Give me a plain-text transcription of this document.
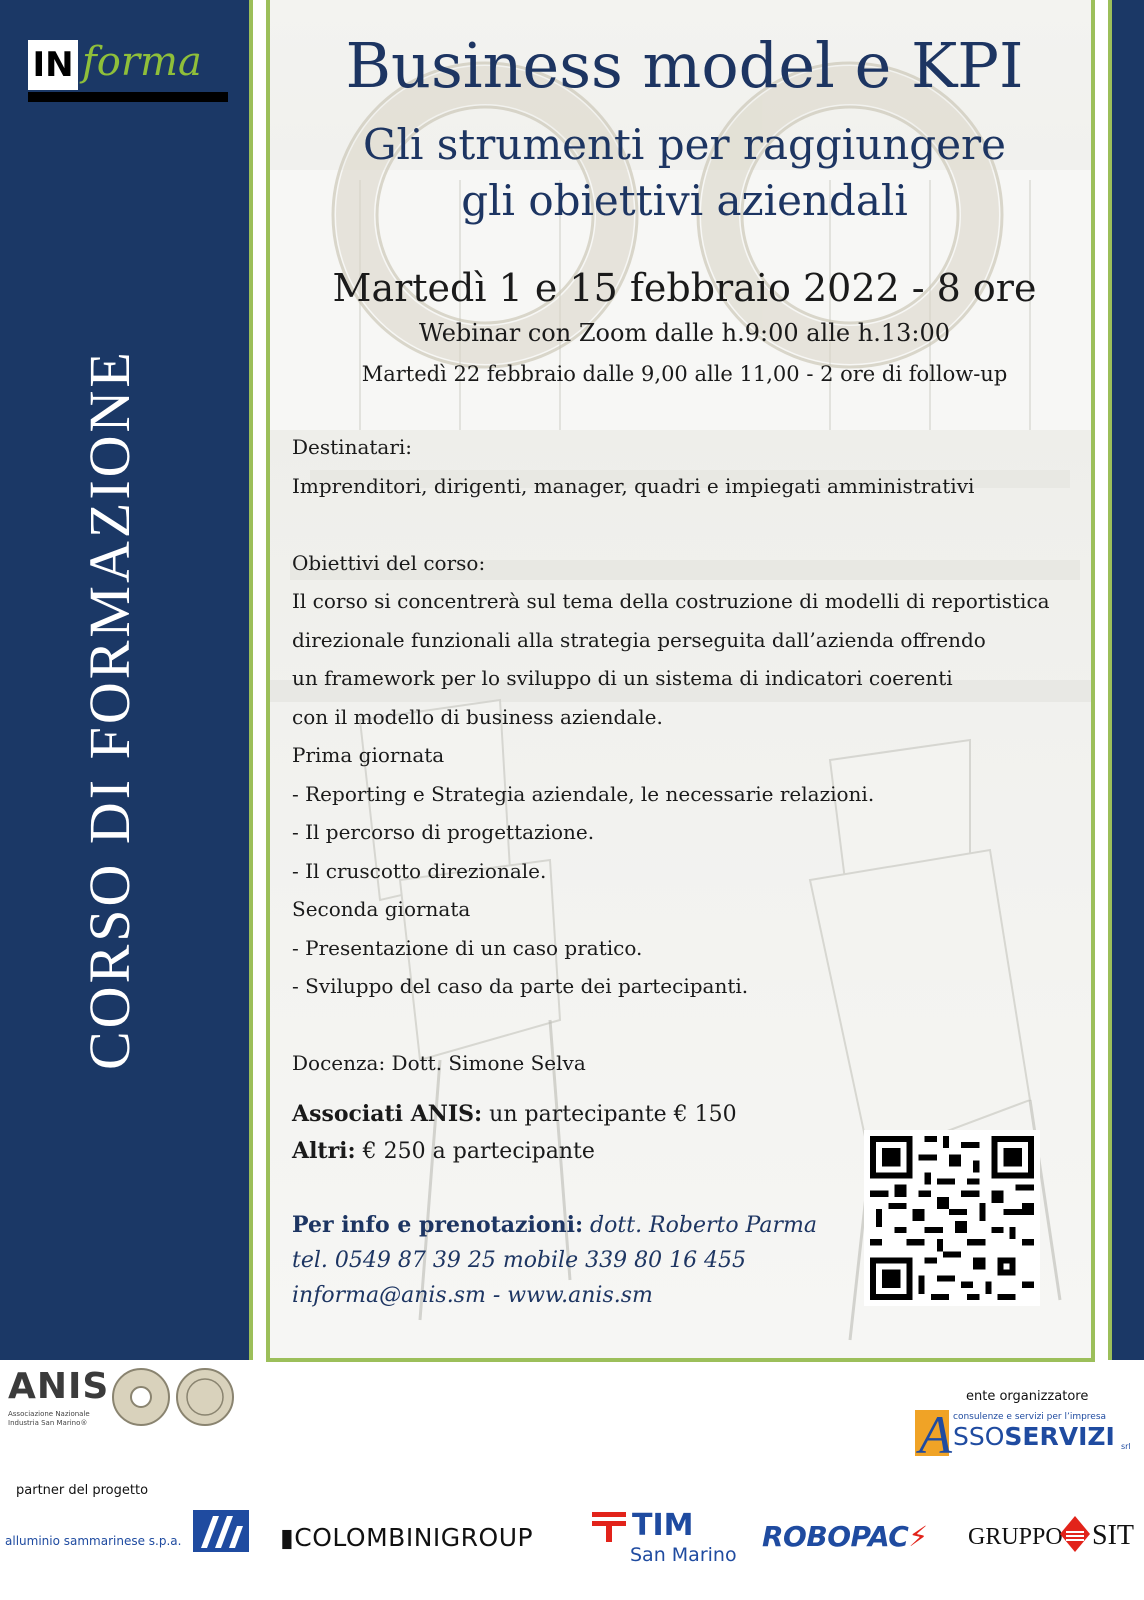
IN forma
CORSO DI FORMAZIONE
Business model e KPI
Gli strumenti per raggiungere
gli obiettivi aziendali
Martedì 1 e 15 febbraio 2022 - 8 ore
Webinar con Zoom dalle h.9:00 alle h.13:00
Martedì 22 febbraio dalle 9,00 alle 11,00 - 2 ore di follow-up
Destinatari:
Imprenditori, dirigenti, manager, quadri e impiegati amministrativi
Obiettivi del corso:
Il corso si concentrerà sul tema della costruzione di modelli di reportistica
direzionale funzionali alla strategia perseguita dall’azienda offrendo
un framework per lo sviluppo di un sistema di indicatori coerenti
con il modello di business aziendale.
Prima giornata
- Reporting e Strategia aziendale, le necessarie relazioni.
- Il percorso di progettazione.
- Il cruscotto direzionale.
Seconda giornata
- Presentazione di un caso pratico.
- Sviluppo del caso da parte dei partecipanti.
Docenza: Dott. Simone Selva
Associati ANIS: un partecipante € 150
Altri: € 250 a partecipante
Per info e prenotazioni: dott. Roberto Parma
tel. 0549 87 39 25 mobile 339 80 16 455
informa@anis.sm - www.anis.sm
ANIS
Associazione Nazionale Industria San Marino®
ente organizzatore
A consulenze e servizi per l’impresa
SSOSERVIZI srl
partner del progetto
alluminio sammarinese s.p.a.	▮COLOMBINIGROUP	TIM
San Marino
ROBOPAC⚡	GRUPPO SIT
